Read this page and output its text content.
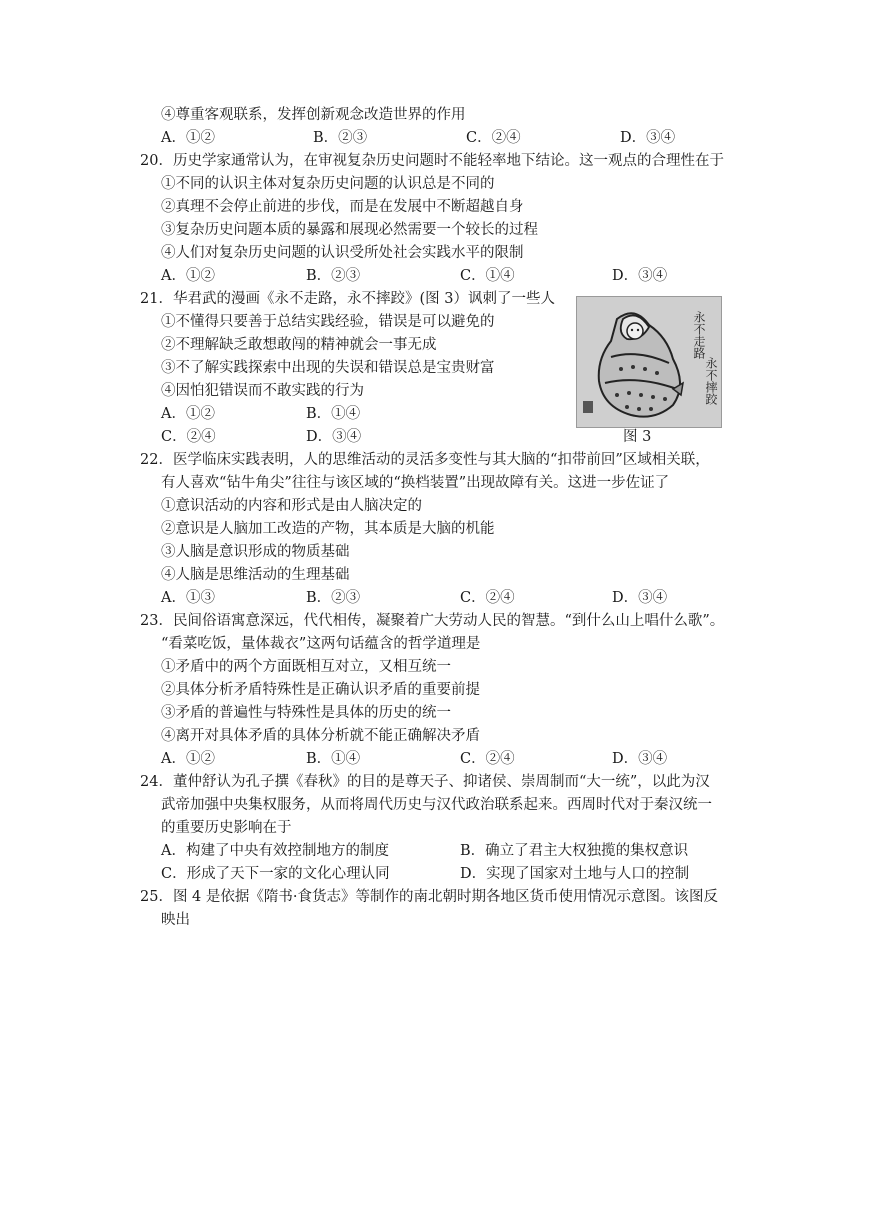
④尊重客观联系，发挥创新观念改造世界的作用
A．①②	B．②③	C．②④	D．③④
20．历史学家通常认为，在审视复杂历史问题时不能轻率地下结论。这一观点的合理性在于
①不同的认识主体对复杂历史问题的认识总是不同的
②真理不会停止前进的步伐，而是在发展中不断超越自身
③复杂历史问题本质的暴露和展现必然需要一个较长的过程
④人们对复杂历史问题的认识受所处社会实践水平的限制
A．①②	B．②③	C．①④	D．③④
21．华君武的漫画《永不走路，永不摔跤》(图 3）讽刺了一些人
①不懂得只要善于总结实践经验，错误是可以避免的
②不理解缺乏敢想敢闯的精神就会一事无成
③不了解实践探索中出现的失误和错误总是宝贵财富
④因怕犯错误而不敢实践的行为
A．①②	B．①④
C．②④	D．③④
永不走路
永不摔跤
图 3
22．医学临床实践表明，人的思维活动的灵活多变性与其大脑的“扣带前回”区域相关联，
有人喜欢“钻牛角尖”往往与该区域的“换档装置”出现故障有关。这进一步佐证了
①意识活动的内容和形式是由人脑决定的
②意识是人脑加工改造的产物，其本质是大脑的机能
③人脑是意识形成的物质基础
④人脑是思维活动的生理基础
A．①③	B．②③	C．②④	D．③④
23．民间俗语寓意深远，代代相传，凝聚着广大劳动人民的智慧。“到什么山上唱什么歌”。
“看菜吃饭，量体裁衣”这两句话蕴含的哲学道理是
①矛盾中的两个方面既相互对立，又相互统一
②具体分析矛盾特殊性是正确认识矛盾的重要前提
③矛盾的普遍性与特殊性是具体的历史的统一
④离开对具体矛盾的具体分析就不能正确解决矛盾
A．①②	B．①④	C．②④	D．③④
24．董仲舒认为孔子撰《春秋》的目的是尊天子、抑诸侯、崇周制而“大一统”，以此为汉
武帝加强中央集权服务，从而将周代历史与汉代政治联系起来。西周时代对于秦汉统一
的重要历史影响在于
A．构建了中央有效控制地方的制度	B．确立了君主大权独揽的集权意识
C．形成了天下一家的文化心理认同	D．实现了国家对土地与人口的控制
25．图 4 是依据《隋书·食货志》等制作的南北朝时期各地区货币使用情况示意图。该图反
映出
